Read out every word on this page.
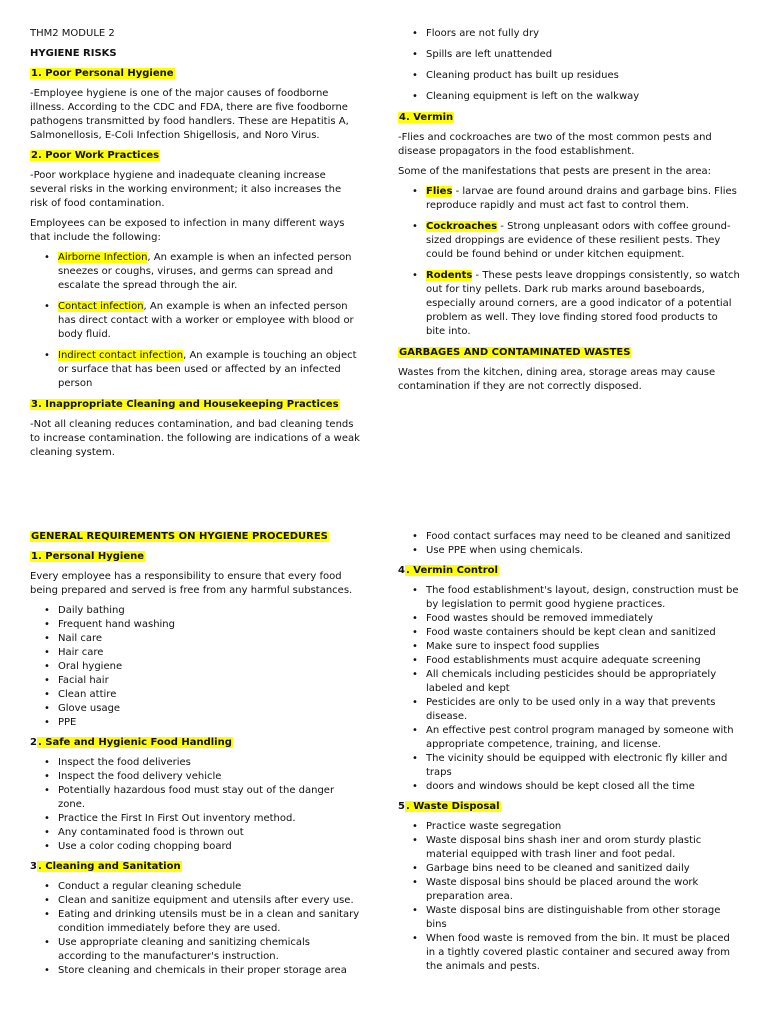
THM2 MODULE 2

HYGIENE RISKS

1. Poor Personal Hygiene

-Employee hygiene is one of the major causes of foodborne illness. According to the CDC and FDA, there are five foodborne pathogens transmitted by food handlers. These are Hepatitis A, Salmonellosis, E-Coli Infection Shigellosis, and Noro Virus.

2. Poor Work Practices

-Poor workplace hygiene and inadequate cleaning increase several risks in the working environment; it also increases the risk of food contamination.

Employees can be exposed to infection in many different ways that include the following:

• Airborne Infection, An example is when an infected person sneezes or coughs, viruses, and germs can spread and escalate the spread through the air.
• Contact infection, An example is when an infected person has direct contact with a worker or employee with blood or body fluid.
• Indirect contact infection, An example is touching an object or surface that has been used or affected by an infected person
3. Inappropriate Cleaning and Housekeeping Practices

-Not all cleaning reduces contamination, and bad cleaning tends to increase contamination. the following are indications of a weak cleaning system.

• Floors are not fully dry
• Spills are left unattended
• Cleaning product has built up residues
• Cleaning equipment is left on the walkway
4. Vermin

-Flies and cockroaches are two of the most common pests and disease propagators in the food establishment.

Some of the manifestations that pests are present in the area:

• Flies - larvae are found around drains and garbage bins. Flies reproduce rapidly and must act fast to control them.
• Cockroaches - Strong unpleasant odors with coffee ground-sized droppings are evidence of these resilient pests. They could be found behind or under kitchen equipment.
• Rodents - These pests leave droppings consistently, so watch out for tiny pellets. Dark rub marks around baseboards, especially around corners, are a good indicator of a potential problem as well. They love finding stored food products to bite into.
GARBAGES AND CONTAMINATED WASTES

Wastes from the kitchen, dining area, storage areas may cause contamination if they are not correctly disposed.

GENERAL REQUIREMENTS ON HYGIENE PROCEDURES
1. Personal Hygiene

Every employee has a responsibility to ensure that every food being prepared and served is free from any harmful substances.

• Daily bathing
• Frequent hand washing
• Nail care
• Hair care
• Oral hygiene
• Facial hair
• Clean attire
• Glove usage
• PPE
2. Safe and Hygienic Food Handling
• Inspect the food deliveries
• Inspect the food delivery vehicle
• Potentially hazardous food must stay out of the danger zone.
• Practice the First In First Out inventory method.
• Any contaminated food is thrown out
• Use a color coding chopping board
3. Cleaning and Sanitation
• Conduct a regular cleaning schedule
• Clean and sanitize equipment and utensils after every use.
• Eating and drinking utensils must be in a clean and sanitary condition immediately before they are used.
• Use appropriate cleaning and sanitizing chemicals according to the manufacturer's instruction.
• Store cleaning and chemicals in their proper storage area
• Food contact surfaces may need to be cleaned and sanitized
• Use PPE when using chemicals.
4. Vermin Control
• The food establishment's layout, design, construction must be by legislation to permit good hygiene practices.
• Food wastes should be removed immediately
• Food waste containers should be kept clean and sanitized
• Make sure to inspect food supplies
• Food establishments must acquire adequate screening
• All chemicals including pesticides should be appropriately labeled and kept
• Pesticides are only to be used only in a way that prevents disease.
• An effective pest control program managed by someone with appropriate competence, training, and license.
• The vicinity should be equipped with electronic fly killer and traps
• doors and windows should be kept closed all the time
5. Waste Disposal
• Practice waste segregation
• Waste disposal bins shash iner and orom sturdy plastic material equipped with trash liner and foot pedal.
• Garbage bins need to be cleaned and sanitized daily
• Waste disposal bins should be placed around the work preparation area.
• Waste disposal bins are distinguishable from other storage bins
• When food waste is removed from the bin. It must be placed in a tightly covered plastic container and secured away from the animals and pests.
